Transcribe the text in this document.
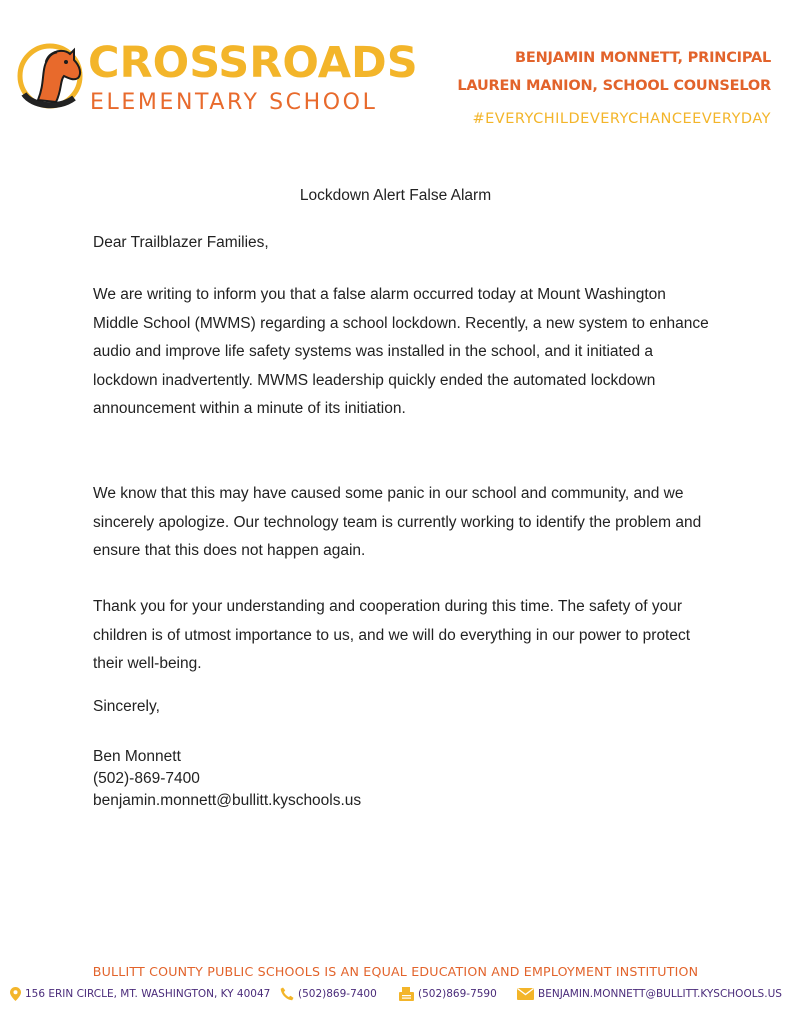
CROSSROADS
ELEMENTARY SCHOOL
BENJAMIN MONNETT, PRINCIPAL
LAUREN MANION, SCHOOL COUNSELOR
#EVERYCHILDEVERYCHANCEEVERYDAY
Lockdown Alert False Alarm
Dear Trailblazer Families,
We are writing to inform you that a false alarm occurred today at Mount Washington Middle School (MWMS) regarding a school lockdown. Recently, a new system to enhance audio and improve life safety systems was installed in the school, and it initiated a lockdown inadvertently. MWMS leadership quickly ended the automated lockdown announcement within a minute of its initiation.
We know that this may have caused some panic in our school and community, and we sincerely apologize. Our technology team is currently working to identify the problem and ensure that this does not happen again.
Thank you for your understanding and cooperation during this time. The safety of your children is of utmost importance to us, and we will do everything in our power to protect their well-being.
Sincerely,
Ben Monnett
(502)-869-7400
benjamin.monnett@bullitt.kyschools.us
BULLITT COUNTY PUBLIC SCHOOLS IS AN EQUAL EDUCATION AND EMPLOYMENT INSTITUTION
156 ERIN CIRCLE, MT. WASHINGTON, KY 40047	(502)869-7400	(502)869-7590	BENJAMIN.MONNETT@BULLITT.KYSCHOOLS.US
